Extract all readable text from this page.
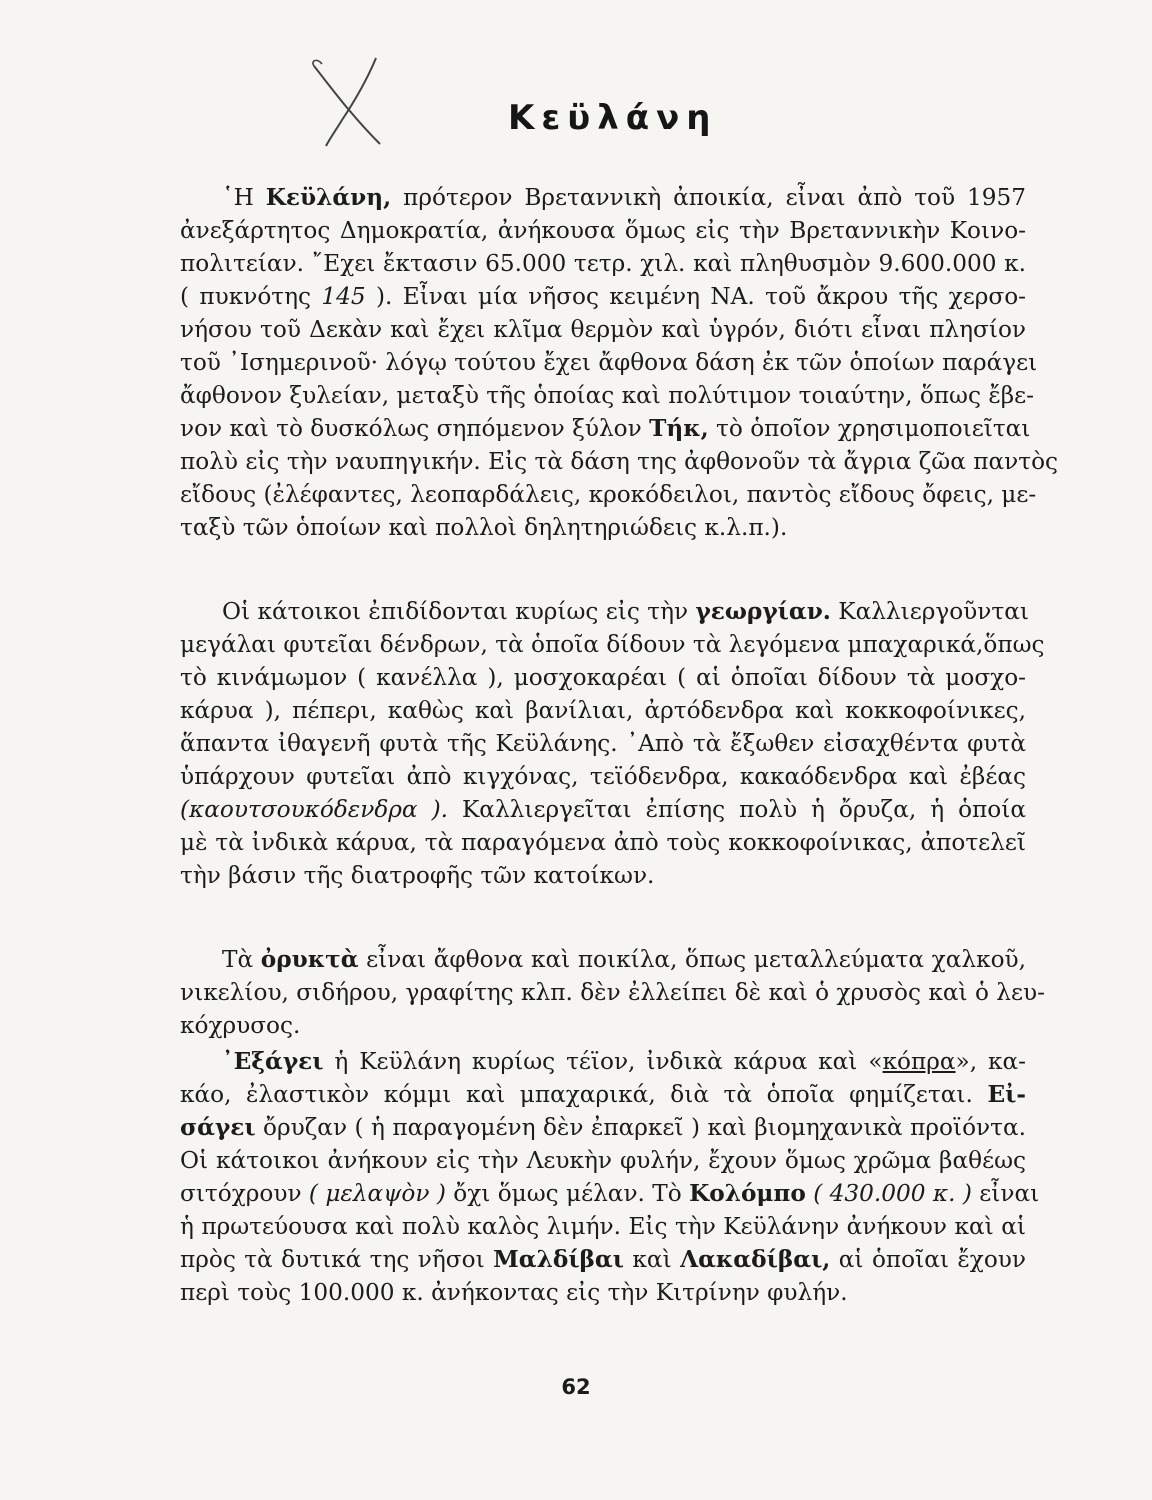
Κεϋλάνη
῾Η Κεϋλάνη, πρότερον Βρεταννικὴ ἀποικία, εἶναι ἀπὸ τοῦ 1957
ἀνεξάρτητος Δημοκρατία, ἀνήκουσα ὅμως εἰς τὴν Βρεταννικὴν Κοινο-
πολιτείαν. ῎Εχει ἔκτασιν 65.000 τετρ. χιλ. καὶ πληθυσμὸν 9.600.000 κ.
( πυκνότης 145 ). Εἶναι μία νῆσος κειμένη ΝΑ. τοῦ ἄκρου τῆς χερσο-
νήσου τοῦ Δεκὰν καὶ ἔχει κλῖμα θερμὸν καὶ ὑγρόν, διότι εἶναι πλησίον
τοῦ ᾿Ισημερινοῦ· λόγῳ τούτου ἔχει ἄφθονα δάση ἐκ τῶν ὁποίων παράγει
ἄφθονον ξυλείαν, μεταξὺ τῆς ὁποίας καὶ πολύτιμον τοιαύτην, ὅπως ἔβε-
νον καὶ τὸ δυσκόλως σηπόμενον ξύλον Τήκ, τὸ ὁποῖον χρησιμοποιεῖται
πολὺ εἰς τὴν ναυπηγικήν. Εἰς τὰ δάση της ἀφθονοῦν τὰ ἄγρια ζῶα παντὸς
εἴδους (ἐλέφαντες, λεοπαρδάλεις, κροκόδειλοι, παντὸς εἴδους ὄφεις, με-
ταξὺ τῶν ὁποίων καὶ πολλοὶ δηλητηριώδεις κ.λ.π.).
Οἱ κάτοικοι ἐπιδίδονται κυρίως εἰς τὴν γεωργίαν. Καλλιεργοῦνται
μεγάλαι φυτεῖαι δένδρων, τὰ ὁποῖα δίδουν τὰ λεγόμενα μπαχαρικά,ὅπως
τὸ κινάμωμον ( κανέλλα ), μοσχοκαρέαι ( αἱ ὁποῖαι δίδουν τὰ μοσχο-
κάρυα ), πέπερι, καθὼς καὶ βανίλιαι, ἀρτόδενδρα καὶ κοκκοφοίνικες,
ἅπαντα ἰθαγενῆ φυτὰ τῆς Κεϋλάνης. ᾿Απὸ τὰ ἔξωθεν εἰσαχθέντα φυτὰ
ὑπάρχουν φυτεῖαι ἀπὸ κιγχόνας, τεϊόδενδρα, κακαόδενδρα καὶ ἐβέας
(καουτσουκόδενδρα ). Καλλιεργεῖται ἐπίσης πολὺ ἡ ὄρυζα, ἡ ὁποία
μὲ τὰ ἰνδικὰ κάρυα, τὰ παραγόμενα ἀπὸ τοὺς κοκκοφοίνικας, ἀποτελεῖ
τὴν βάσιν τῆς διατροφῆς τῶν κατοίκων.
Τὰ ὀρυκτὰ εἶναι ἄφθονα καὶ ποικίλα, ὅπως μεταλλεύματα χαλκοῦ,
νικελίου, σιδήρου, γραφίτης κλπ. δὲν ἐλλείπει δὲ καὶ ὁ χρυσὸς καὶ ὁ λευ-
κόχρυσος.
᾿Εξάγει ἡ Κεϋλάνη κυρίως τέϊον, ἰνδικὰ κάρυα καὶ «κόπρα», κα-
κάο, ἐλαστικὸν κόμμι καὶ μπαχαρικά, διὰ τὰ ὁποῖα φημίζεται. Εἰ-
σάγει ὄρυζαν ( ἡ παραγομένη δὲν ἐπαρκεῖ ) καὶ βιομηχανικὰ προϊόντα.
Οἱ κάτοικοι ἀνήκουν εἰς τὴν Λευκὴν φυλήν, ἔχουν ὅμως χρῶμα βαθέως
σιτόχρουν ( μελαψὸν ) ὄχι ὅμως μέλαν. Τὸ Κολόμπο ( 430.000 κ. ) εἶναι
ἡ πρωτεύουσα καὶ πολὺ καλὸς λιμήν. Εἰς τὴν Κεϋλάνην ἀνήκουν καὶ αἱ
πρὸς τὰ δυτικά της νῆσοι Μαλδίβαι καὶ Λακαδίβαι, αἱ ὁποῖαι ἔχουν
περὶ τοὺς 100.000 κ. ἀνήκοντας εἰς τὴν Κιτρίνην φυλήν.
62
